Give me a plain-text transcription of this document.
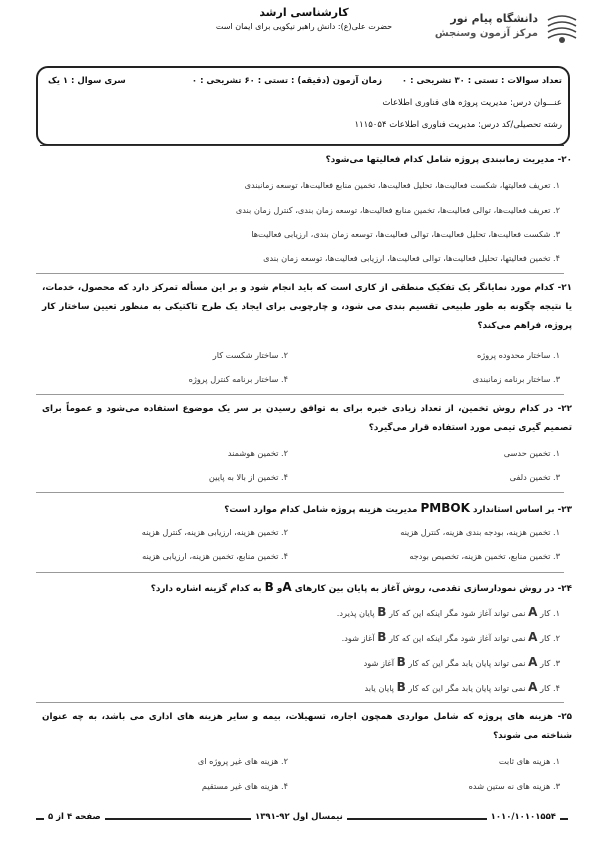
دانشگاه پیام نور
مرکز آزمون وسنجش
کارشناسی ارشد
حضرت علی(ع): دانش راهبر نیکویی برای ایمان است
تعداد سوالات : تستی : ۳۰ تشریحی : ۰
زمان آزمون (دقیقه) : تستی : ۶۰ تشریحی : ۰
سری سوال : ۱ یک
عنـــوان درس: مدیریت پروژه های فناوری اطلاعات
رشته تحصیلی/کد درس: مدیریت فناوری اطلاعات ۱۱۱۵۰۵۴
۲۰- مدیریت زمانبندی پروژه شامل کدام فعالیتها می‌شود؟
۱. تعریف فعالیتها، شکست فعالیت‌ها، تحلیل فعالیت‌ها، تخمین منابع فعالیت‌ها، توسعه زمانبندی
۲. تعریف فعالیت‌ها، توالی فعالیت‌ها، تخمین منابع فعالیت‌ها، توسعه زمان بندی، کنترل زمان بندی
۳. شکست فعالیت‌ها، تحلیل فعالیت‌ها، توالی فعالیت‌ها، توسعه زمان بندی، ارزیابی فعالیت‌ها
۴. تخمین فعالیتها، تحلیل فعالیت‌ها، توالی فعالیت‌ها، ارزیابی فعالیت‌ها، توسعه زمان بندی
۲۱- کدام مورد نمایانگر یک تفکیک منطقی از کاری است که باید انجام شود و بر این مسأله تمرکز دارد که محصول، خدمات، یا نتیجه چگونه به طور طبیعی تقسیم بندی می شود، و چارچوبی برای ایجاد یک طرح تاکتیکی به منظور تعیین ساختار کار پروژه، فراهم می‌کند؟
۱. ساختار محدوده پروژه
۲. ساختار شکست کار
۳. ساختار برنامه زمانبندی
۴. ساختار برنامه کنترل پروژه
۲۲- در کدام روش تخمین، از تعداد زیادی خبره برای به توافق رسیدن بر سر یک موضوع استفاده می‌شود و عموماً برای تصمیم گیری تیمی مورد استفاده قرار می‌گیرد؟
۱. تخمین حدسی
۲. تخمین هوشمند
۳. تخمین دلفی
۴. تخمین از بالا به پایین
۲۳- بر اساس استاندارد PMBOK مدیریت هزینه پروژه شامل کدام موارد است؟
۱. تخمین هزینه، بودجه بندی هزینه، کنترل هزینه
۲. تخمین هزینه، ارزیابی هزینه، کنترل هزینه
۳. تخمین منابع، تخمین هزینه، تخصیص بودجه
۴. تخمین منابع، تخمین هزینه، ارزیابی هزینه
۲۴- در روش نمودارسازی تقدمی، روش آغاز به پایان بین کارهای Aو B به کدام گزینه اشاره دارد؟
۱. کار A نمی تواند آغاز شود مگر اینکه این که کار B پایان پذیرد.
۲. کار A نمی تواند آغاز شود مگر اینکه این که کار B آغاز شود.
۳. کار A نمی تواند پایان یابد مگر این که کار B آغاز شود
۴. کار A نمی تواند پایان یابد مگر این که کار B پایان یابد
۲۵- هزینه های پروژه که شامل مواردی همچون اجاره، تسهیلات، بیمه و سایر هزینه های اداری می باشد، به چه عنوان شناخته می شوند؟
۱. هزینه های ثابت
۲. هزینه های غیر پروژه ای
۳. هزینه های نه ستین شده
۴. هزینه های غیر مستقیم
صفحه ۴ از ۵	نیمسال اول ۹۲-۱۳۹۱	۱۰۱۰/۱۰۱۰۱۵۵۴
